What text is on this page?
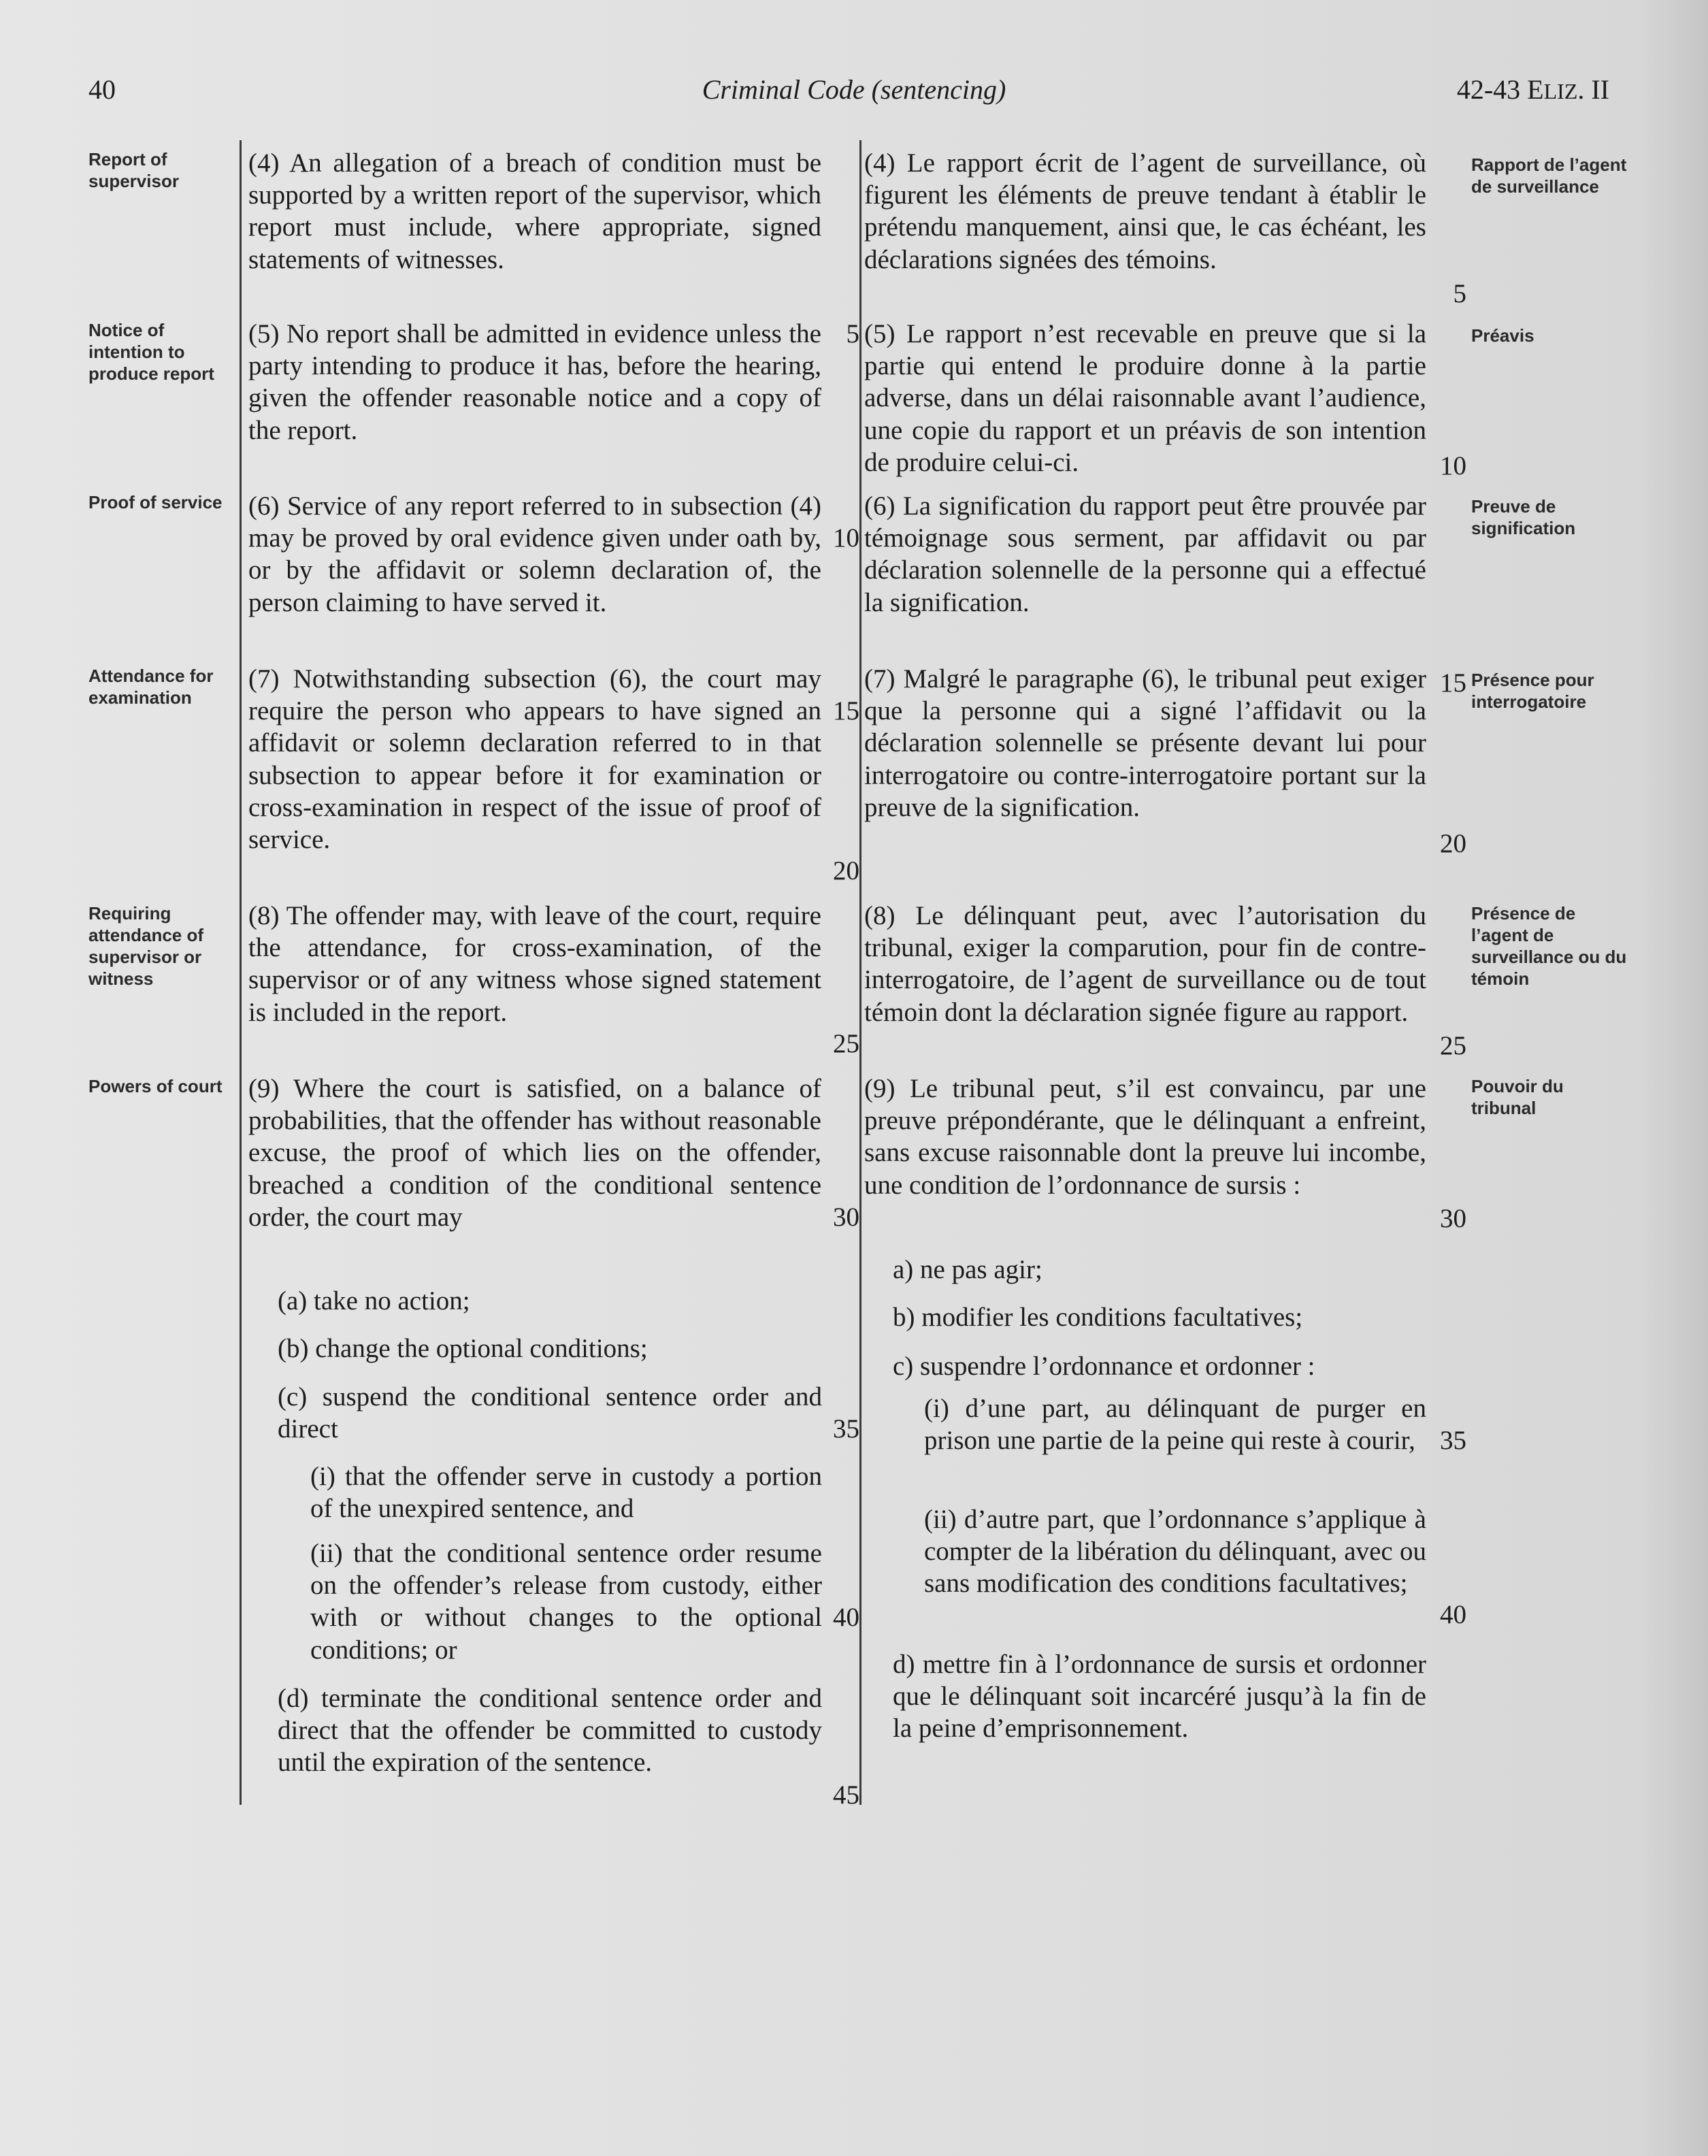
40	Criminal Code (sentencing)	42-43 ELIZ. II
Report of supervisor
Notice of intention to produce report
Proof of service
Attendance for examination
Requiring attendance of supervisor or witness
Powers of court
Rapport de l’agent de surveillance
Préavis
Preuve de signification
Présence pour interrogatoire
Présence de l’agent de surveillance ou du témoin
Pouvoir du tribunal
(4) An allegation of a breach of condition must be supported by a written report of the supervisor, which report must include, where appropriate, signed statements of witnesses.
(5) No report shall be admitted in evidence unless the party intending to produce it has, before the hearing, given the offender reasonable notice and a copy of the report.
(6) Service of any report referred to in subsection (4) may be proved by oral evidence given under oath by, or by the affidavit or solemn declaration of, the person claiming to have served it.
(7) Notwithstanding subsection (6), the court may require the person who appears to have signed an affidavit or solemn declaration referred to in that subsection to appear before it for examination or cross-examination in respect of the issue of proof of service.
(8) The offender may, with leave of the court, require the attendance, for cross-examination, of the supervisor or of any witness whose signed statement is included in the report.
(9) Where the court is satisfied, on a balance of probabilities, that the offender has without reasonable excuse, the proof of which lies on the offender, breached a condition of the conditional sentence order, the court may
(a) take no action;
(b) change the optional conditions;
(c) suspend the conditional sentence order and direct
(i) that the offender serve in custody a portion of the unexpired sentence, and
(ii) that the conditional sentence order resume on the offender’s release from custody, either with or without changes to the optional conditions; or
(d) terminate the conditional sentence order and direct that the offender be committed to custody until the expiration of the sentence.
(4) Le rapport écrit de l’agent de surveillance, où figurent les éléments de preuve tendant à établir le prétendu manquement, ainsi que, le cas échéant, les déclarations signées des témoins.
(5) Le rapport n’est recevable en preuve que si la partie qui entend le produire donne à la partie adverse, dans un délai raisonnable avant l’audience, une copie du rapport et un préavis de son intention de produire celui-ci.
(6) La signification du rapport peut être prouvée par témoignage sous serment, par affidavit ou par déclaration solennelle de la personne qui a effectué la signification.
(7) Malgré le paragraphe (6), le tribunal peut exiger que la personne qui a signé l’affidavit ou la déclaration solennelle se présente devant lui pour interrogatoire ou contre-interrogatoire portant sur la preuve de la signification.
(8) Le délinquant peut, avec l’autorisation du tribunal, exiger la comparution, pour fin de contre-interrogatoire, de l’agent de surveillance ou de tout témoin dont la déclaration signée figure au rapport.
(9) Le tribunal peut, s’il est convaincu, par une preuve prépondérante, que le délinquant a enfreint, sans excuse raisonnable dont la preuve lui incombe, une condition de l’ordonnance de sursis :
a) ne pas agir;
b) modifier les conditions facultatives;
c) suspendre l’ordonnance et ordonner :
(i) d’une part, au délinquant de purger en prison une partie de la peine qui reste à courir,
(ii) d’autre part, que l’ordonnance s’applique à compter de la libération du délinquant, avec ou sans modification des conditions facultatives;
d) mettre fin à l’ordonnance de sursis et ordonner que le délinquant soit incarcéré jusqu’à la fin de la peine d’emprisonnement.
5
10
15
20
25
30
35
40
45
5
10
15
20
25
30
35
40
